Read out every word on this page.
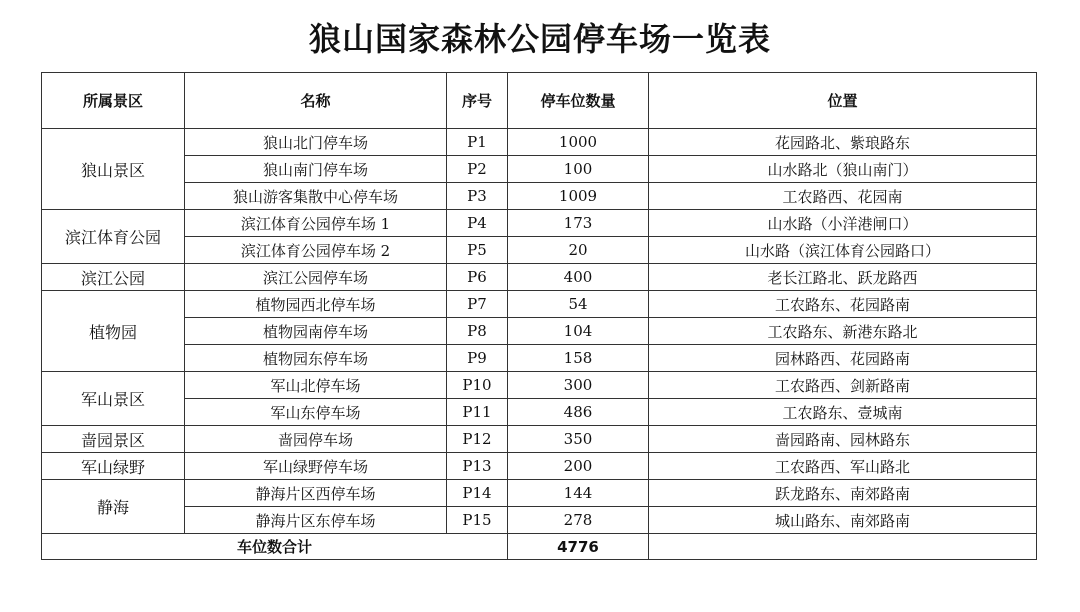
狼山国家森林公园停车场一览表
所属景区	名称	序号	停车位数量	位置
狼山景区	狼山北门停车场	P1	1000	花园路北、紫琅路东
	狼山南门停车场	P2	100	山水路北（狼山南门）
	狼山游客集散中心停车场	P3	1009	工农路西、花园南
滨江体育公园	滨江体育公园停车场 1	P4	173	山水路（小洋港闸口）
	滨江体育公园停车场 2	P5	20	山水路（滨江体育公园路口）
滨江公园	滨江公园停车场	P6	400	老长江路北、跃龙路西
植物园	植物园西北停车场	P7	54	工农路东、花园路南
	植物园南停车场	P8	104	工农路东、新港东路北
	植物园东停车场	P9	158	园林路西、花园路南
军山景区	军山北停车场	P10	300	工农路西、剑新路南
	军山东停车场	P11	486	工农路东、壹城南
啬园景区	啬园停车场	P12	350	啬园路南、园林路东
军山绿野	军山绿野停车场	P13	200	工农路西、军山路北
静海	静海片区西停车场	P14	144	跃龙路东、南郊路南
	静海片区东停车场	P15	278	城山路东、南郊路南
车位数合计			4776	
